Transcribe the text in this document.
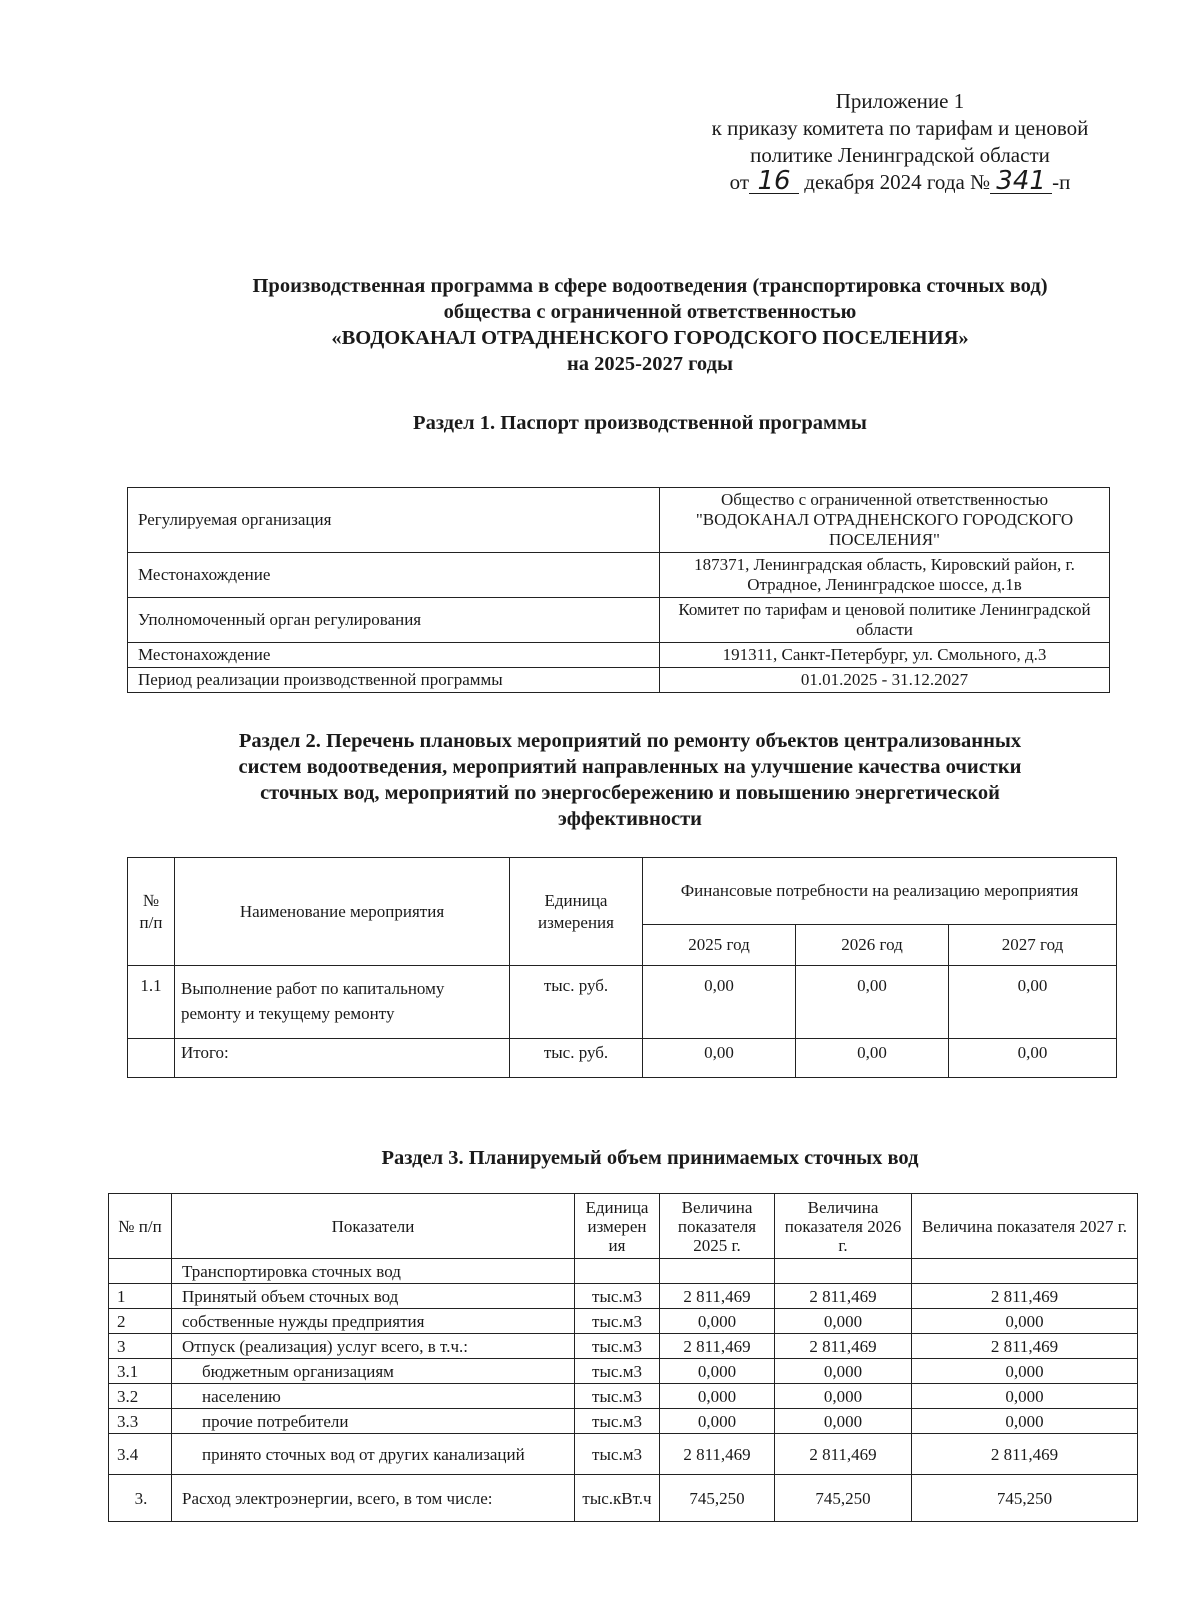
Приложение 1
к приказу комитета по тарифам и ценовой
политике Ленинградской области
от 16 декабря 2024 года № 341 -п
Производственная программа в сфере водоотведения (транспортировка сточных вод)
общества с ограниченной ответственностью
«ВОДОКАНАЛ ОТРАДНЕНСКОГО ГОРОДСКОГО ПОСЕЛЕНИЯ»
на 2025-2027 годы
Раздел 1. Паспорт производственной программы
Регулируемая организация	Общество с ограниченной ответственностью "ВОДОКАНАЛ ОТРАДНЕНСКОГО ГОРОДСКОГО ПОСЕЛЕНИЯ"
Местонахождение	187371, Ленинградская область, Кировский район, г. Отрадное, Ленинградское шоссе, д.1в
Уполномоченный орган регулирования	Комитет по тарифам и ценовой политике Ленинградской области
Местонахождение	191311, Санкт-Петербург, ул. Смольного, д.3
Период реализации производственной программы	01.01.2025 - 31.12.2027
Раздел 2. Перечень плановых мероприятий по ремонту объектов централизованных
систем водоотведения, мероприятий направленных на улучшение качества очистки
сточных вод, мероприятий по энергосбережению и повышению энергетической
эффективности
№ п/п	Наименование мероприятия	Единица измерения	Финансовые потребности на реализацию мероприятия		
			2025 год	2026 год	2027 год
1.1	Выполнение работ по капитальному ремонту и текущему ремонту	тыс. руб.	0,00	0,00	0,00
	Итого:	тыс. руб.	0,00	0,00	0,00
Раздел 3. Планируемый объем принимаемых сточных вод
№ п/п	Показатели	Единица измерен ия	Величина показателя 2025 г.	Величина показателя 2026 г.	Величина показателя 2027 г.
	Транспортировка сточных вод				
1	Принятый объем сточных вод	тыс.м3	2 811,469	2 811,469	2 811,469
2	собственные нужды предприятия	тыс.м3	0,000	0,000	0,000
3	Отпуск (реализация) услуг всего, в т.ч.:	тыс.м3	2 811,469	2 811,469	2 811,469
3.1	бюджетным организациям	тыс.м3	0,000	0,000	0,000
3.2	населению	тыс.м3	0,000	0,000	0,000
3.3	прочие потребители	тыс.м3	0,000	0,000	0,000
3.4	принято сточных вод от других канализаций	тыс.м3	2 811,469	2 811,469	2 811,469
3.	Расход электроэнергии, всего, в том числе:	тыс.кВт.ч	745,250	745,250	745,250
